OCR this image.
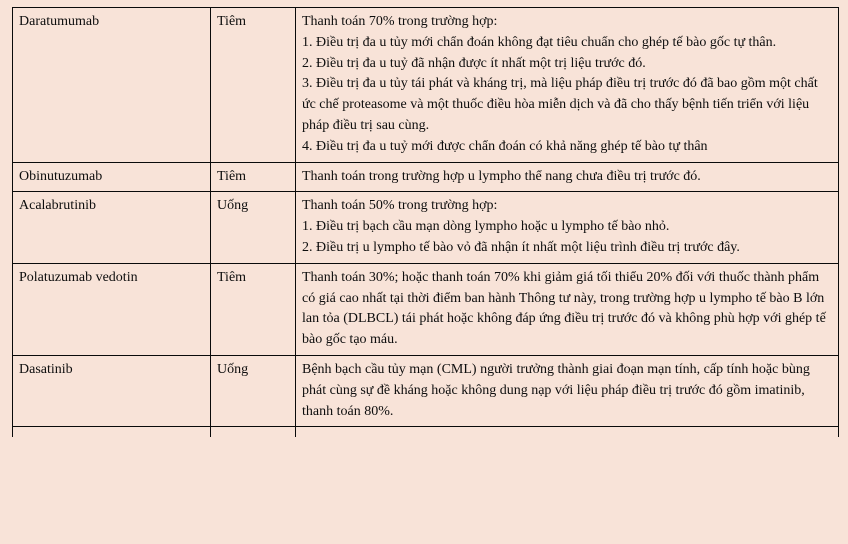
Daratumumab	Tiêm	Thanh toán 70% trong trường hợp:

1. Điều trị đa u tủy mới chẩn đoán không đạt tiêu chuẩn cho ghép tế bào gốc tự thân.

2. Điều trị đa u tuỷ đã nhận được ít nhất một trị liệu trước đó.

3. Điều trị đa u tủy tái phát và kháng trị, mà liệu pháp điều trị trước đó đã bao gồm một chất ức chế proteasome và một thuốc điều hòa miễn dịch và đã cho thấy bệnh tiến triển với liệu pháp điều trị sau cùng.

4. Điều trị đa u tuỷ mới được chẩn đoán có khả năng ghép tế bào tự thân

Obinutuzumab	Tiêm	Thanh toán trong trường hợp u lympho thể nang chưa điều trị trước đó.

Acalabrutinib	Uống	Thanh toán 50% trong trường hợp:

1. Điều trị bạch cầu mạn dòng lympho hoặc u lympho tế bào nhỏ.

2. Điều trị u lympho tế bào vỏ đã nhận ít nhất một liệu trình điều trị trước đây.

Polatuzumab vedotin	Tiêm	Thanh toán 30%; hoặc thanh toán 70% khi giảm giá tối thiểu 20% đối với thuốc thành phẩm có giá cao nhất tại thời điểm ban hành Thông tư này, trong trường hợp u lympho tế bào B lớn lan tỏa (DLBCL) tái phát hoặc không đáp ứng điều trị trước đó và không phù hợp với ghép tế bào gốc tạo máu.

Dasatinib	Uống	Bệnh bạch cầu tủy mạn (CML) người trưởng thành giai đoạn mạn tính, cấp tính hoặc bùng phát cùng sự đề kháng hoặc không dung nạp với liệu pháp điều trị trước đó gồm imatinib, thanh toán 80%.
